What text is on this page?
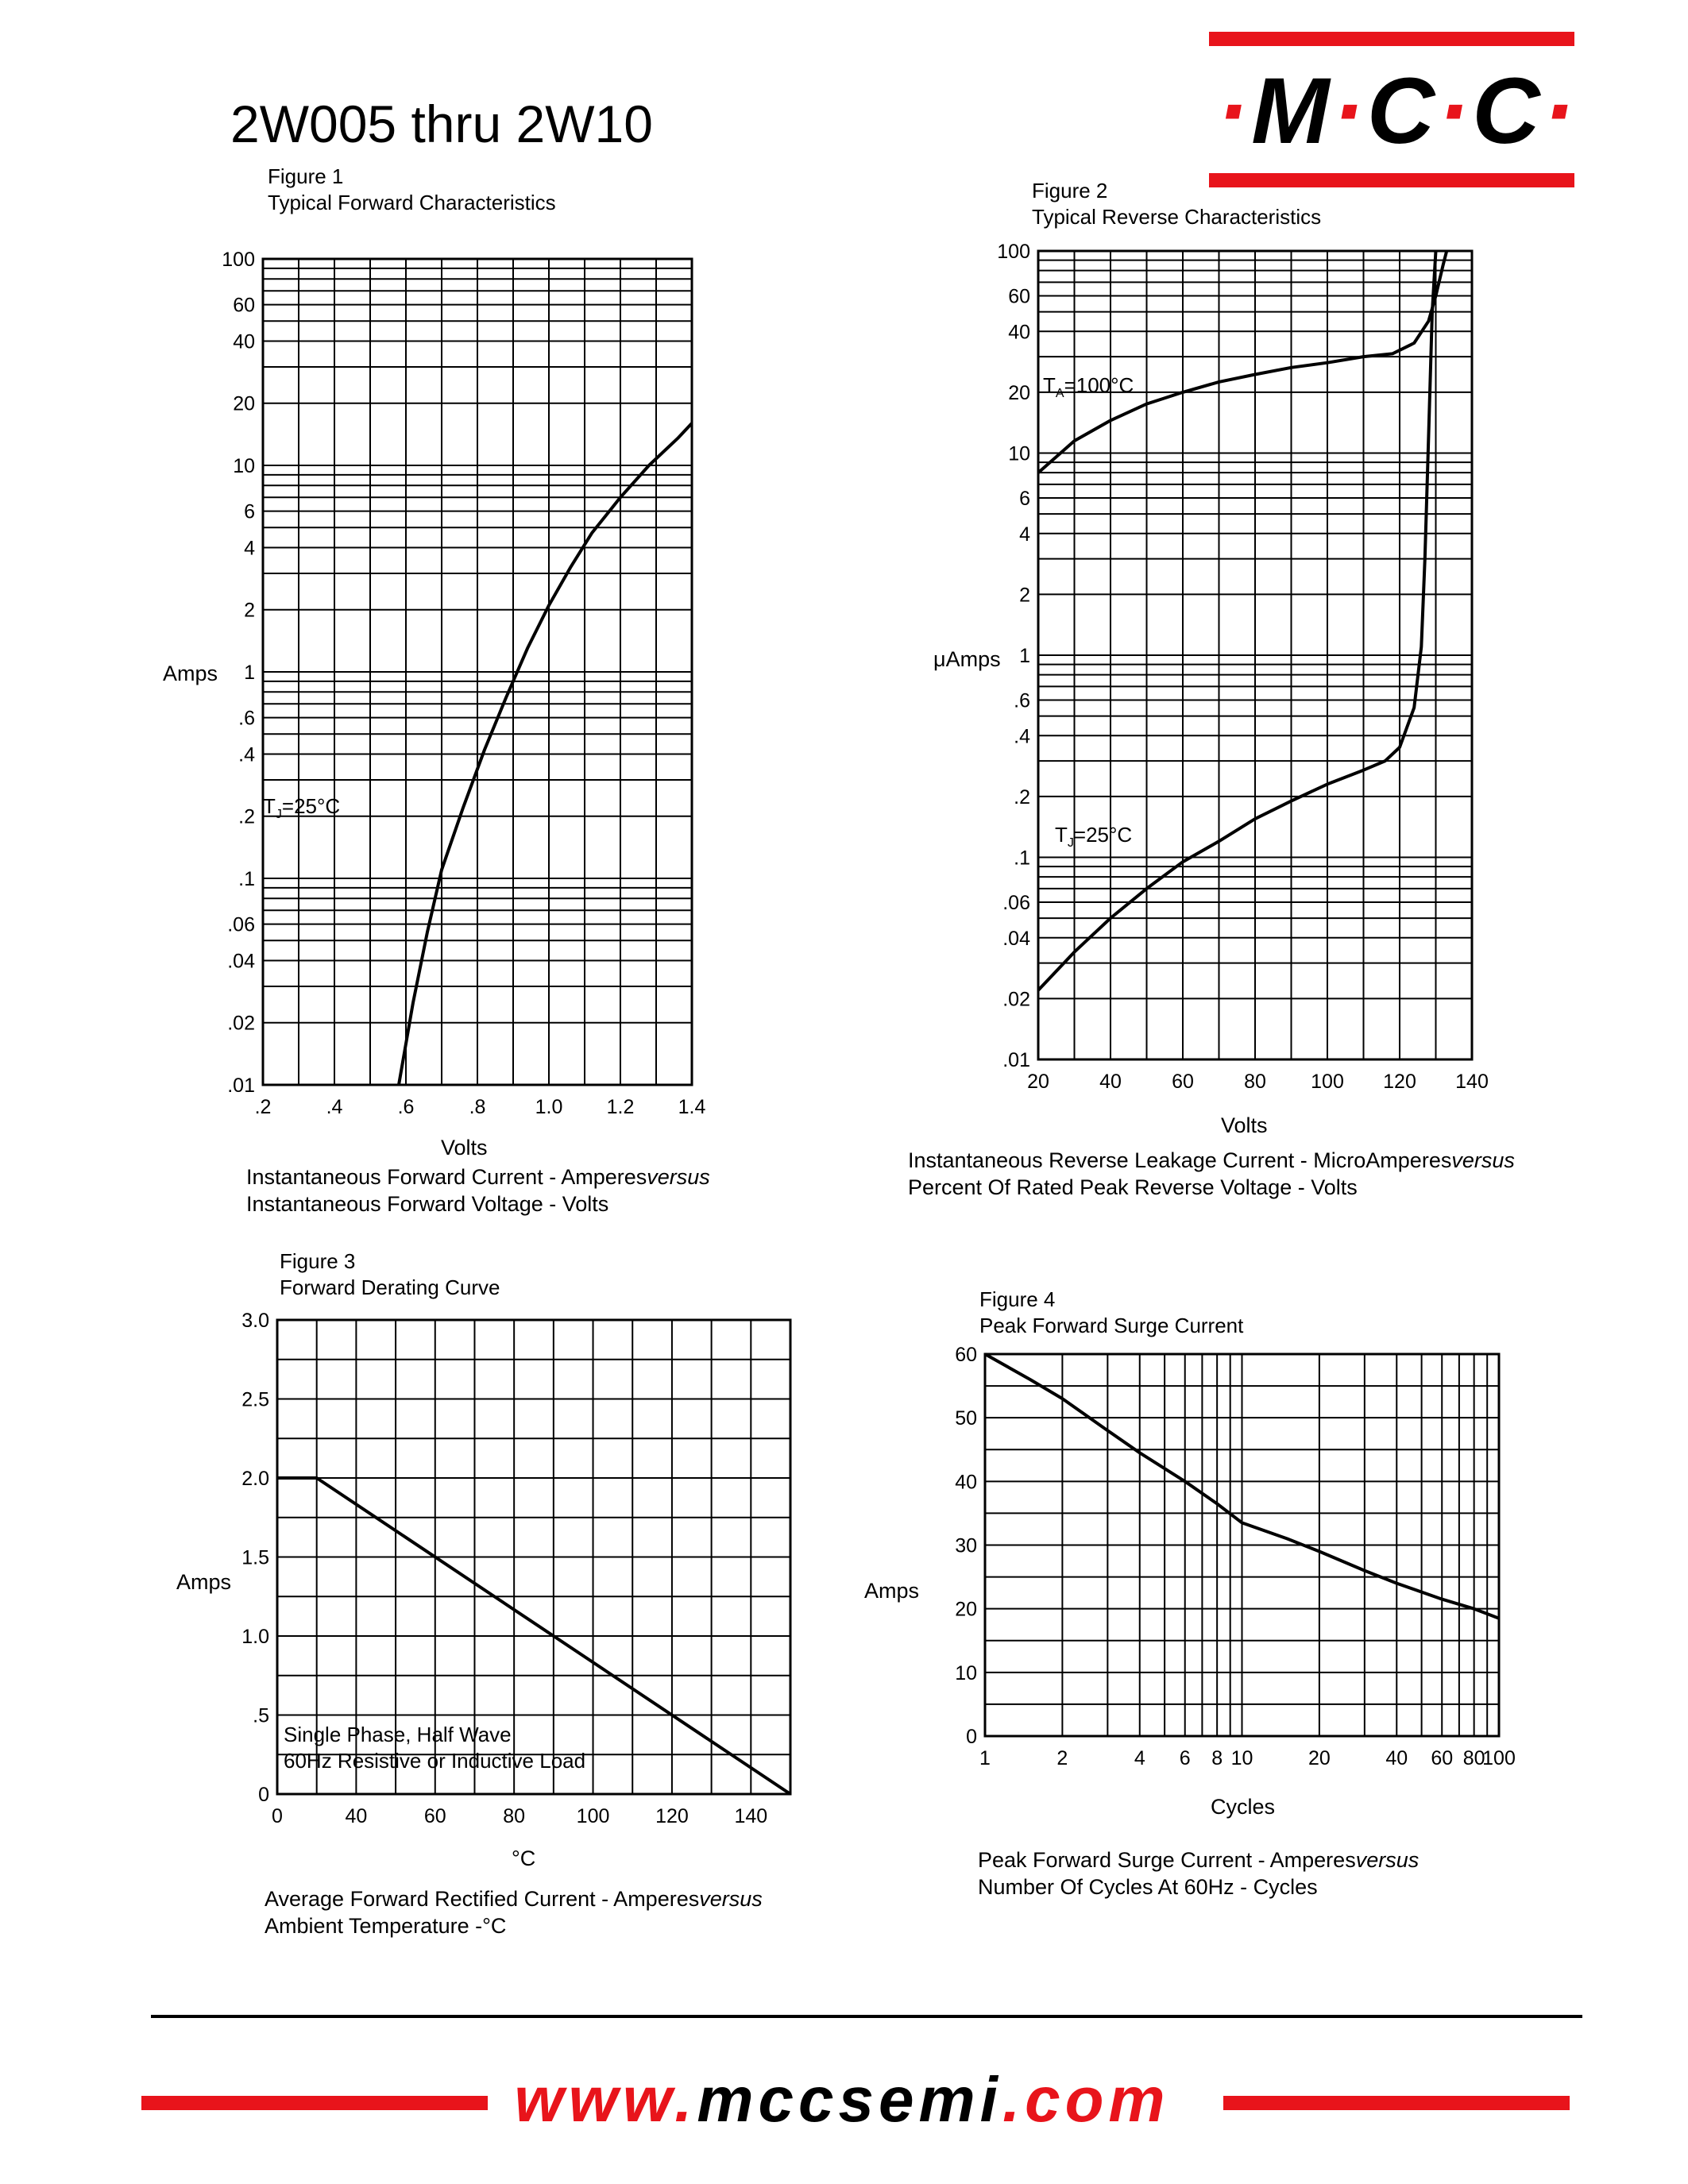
2W005 thru 2W10	·M·C·C·
Figure 1
Typical Forward Characteristics
Amps
Volts
100
60
40
20
10
6
4
2
1
.6
.4
.2
.1
.06
.04
.02
.01
.2	.4	.6	.8 1.0 1.2 1.4
100
60
40
20
10
6
4
2
1
.6
.4
.2
.1
.06
.04
.02
.01
20	40	60	80 100 120 140
3.0
2.5
2.0
1.5
1.0
.5
0
0	40	60	80	100 120 140
60
50
40
30
20
10
0
1	2	4 6 8 10	20	40 60 80
100
$T_J=25^\circ C$
Instantaneous Forward Current - Amperesversus
Instantaneous Forward Voltage - Volts
Figure 2
Typical Reverse Characteristics
μAmps
Volts
$T_A=100^\circ C$
$T_J=25^\circ C$
Instantaneous Reverse Leakage Current - MicroAmperesversus
Percent Of Rated Peak Reverse Voltage - Volts
Figure 3
Forward Derating Curve
Amps
°C
Single Phase, Half Wave
60Hz Resistive or Inductive Load
Average Forward Rectified Current - Amperesversus
Ambient Temperature -°C
Figure 4
Peak Forward Surge Current
Amps
Cycles
Peak Forward Surge Current - Amperesversus
Number Of Cycles At 60Hz - Cycles
www.mccsemi.com
